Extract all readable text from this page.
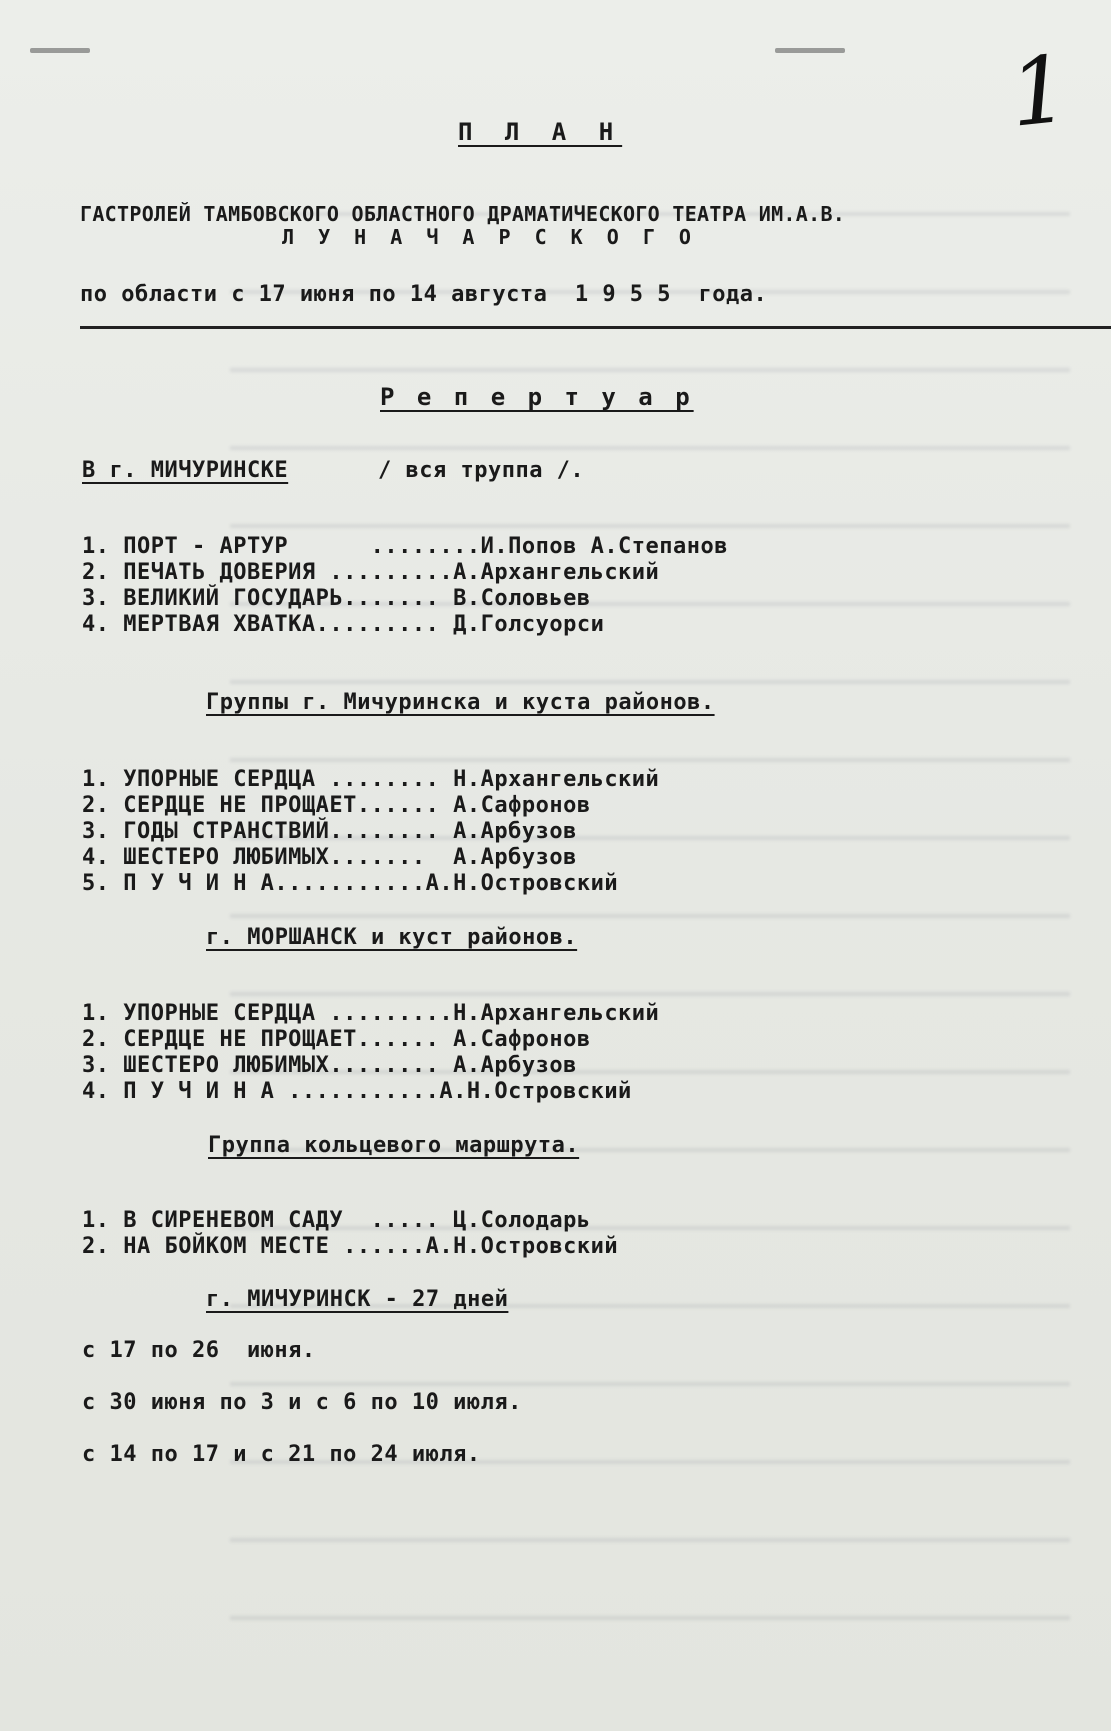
1
П Л А Н
ГАСТРОЛЕЙ ТАМБОВСКОГО ОБЛАСТНОГО ДРАМАТИЧЕСКОГО ТЕАТРА ИМ.А.В.
Л У Н А Ч А Р С К О Г О
по области с 17 июня по 14 августа  1 9 5 5  года.
Р е п е р т у а р
В г. МИЧУРИНСКЕ	/ вся труппа /.
1. ПОРТ - АРТУР      ........И.Попов А.Степанов
2. ПЕЧАТЬ ДОВЕРИЯ .........А.Архангельский
3. ВЕЛИКИЙ ГОСУДАРЬ....... В.Соловьев
4. МЕРТВАЯ ХВАТКА......... Д.Голсуорси
Группы г. Мичуринска и куста районов.
1. УПОРНЫЕ СЕРДЦА ........ Н.Архангельский
2. СЕРДЦЕ НЕ ПРОЩАЕТ...... А.Сафронов
3. ГОДЫ СТРАНСТВИЙ........ А.Арбузов
4. ШЕСТЕРО ЛЮБИМЫХ.......  А.Арбузов
5. П У Ч И Н А...........А.Н.Островский
г. МОРШАНСК и куст районов.
1. УПОРНЫЕ СЕРДЦА .........Н.Архангельский
2. СЕРДЦЕ НЕ ПРОЩАЕТ...... А.Сафронов
3. ШЕСТЕРО ЛЮБИМЫХ........ А.Арбузов
4. П У Ч И Н А ...........А.Н.Островский
Группа кольцевого маршрута.
1. В СИРЕНЕВОМ САДУ  ..... Ц.Солодарь
2. НА БОЙКОМ МЕСТЕ ......А.Н.Островский
г. МИЧУРИНСК - 27 дней
с 17 по 26  июня.
с 30 июня по 3 и с 6 по 10 июля.
с 14 по 17 и с 21 по 24 июля.
